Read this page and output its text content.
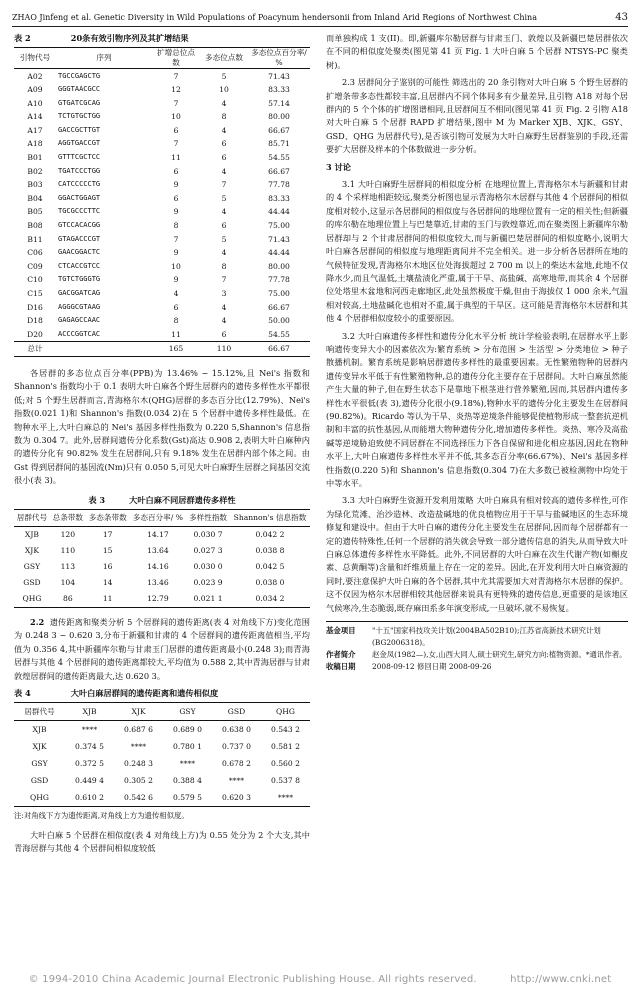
ZHAO Jinfeng et al. Genetic Diversity in Wild Populations of Poacynum hendersonii from Inland Arid Regions of Northwest China	43
表 2	20条有效引物序列及其扩增结果
引物代号	序列	扩增总位点数	多态位点数	多态位点百分率/ %
A02	TGCCGAGCTG	7	5	71.43
A09	GGGTAACGCC	12	10	83.33
A10	GTGATCGCAG	7	4	57.14
A14	TCTGTGCTGG	10	8	80.00
A17	GACCGCTTGT	6	4	66.67
A18	AGGTGACCGT	7	6	85.71
B01	GTTTCGCTCC	11	6	54.55
B02	TGATCCCTGG	6	4	66.67
B03	CATCCCCCTG	9	7	77.78
B04	GGACTGGAGT	6	5	83.33
B05	TGCGCCCTTC	9	4	44.44
B08	GTCCACACGG	8	6	75.00
B11	GTAGACCCGT	7	5	71.43
C06	GAACGGACTC	9	4	44.44
C09	CTCACCGTCC	10	8	80.00
C10	TGTCTGGGTG	9	7	77.78
C15	GACGGATCAG	4	3	75.00
D16	AGGGCGTAAG	6	4	66.67
D18	GAGAGCCAAC	8	4	50.00
D20	ACCCGGTCAC	11	6	54.55
总计		165	110	66.67

各居群的多态位点百分率(PPB)为 13.46% ~ 15.12%,且 Nei's 指数和 Shannon's 指数均小于 0.1 表明大叶白麻各个野生居群内的遗传多样性水平都很低;对 5 个野生居群而言,青海格尔木(QHG)居群的多态百分比(12.79%)、Nei's 指数(0.021 1)和 Shannon's 指数(0.034 2)在 5 个居群中遗传多样性最低。在物种水平上,大叶白麻总的 Nei's 基因多样性指数为 0.220 5,Shannon's 信息指数为 0.304 7。此外,居群间遗传分化系数(Gst)高达 0.908 2,表明大叶白麻种内的遗传分化有 90.82% 发生在居群间,只有 9.18% 发生在居群内部个体之间。由 Gst 得到居群间的基因流(Nm)只有 0.050 5,可见大叶白麻野生居群之间基因交流很小(表 3)。

表 3	大叶白麻不同居群遗传多样性
居群代号	总条带数	多态条带数	多态百分率/ %	多样性指数	Shannon's 信息指数
XJB	120	17	14.17	0.030 7	0.042 2
XJK	110	15	13.64	0.027 3	0.038 8
GSY	113	16	14.16	0.030 0	0.042 5
GSD	104	14	13.46	0.023 9	0.038 0
QHG	86	11	12.79	0.021 1	0.034 2

2.2 遗传距离和聚类分析 5 个居群间的遗传距离(表 4 对角线下方)变化范围为 0.248 3 ~ 0.620 3,分布于新疆和甘肃的 4 个居群间的遗传距离值相当,平均值为 0.356 4,其中新疆库尔勒与甘肃玉门居群的遗传距离最小(0.248 3);而青海居群与其他 4 个居群间的遗传距离都较大,平均值为 0.588 2,其中青海居群与甘肃敦煌居群间的遗传距离最大,达 0.620 3。

表 4	大叶白麻居群间的遗传距离和遗传相似度
居群代号	XJB	XJK	GSY	GSD	QHG
XJB	****	0.687 6	0.689 0	0.638 0	0.543 2
XJK	0.374 5	****	0.780 1	0.737 0	0.581 2
GSY	0.372 5	0.248 3	****	0.678 2	0.560 2
GSD	0.449 4	0.305 2	0.388 4	****	0.537 8
QHG	0.610 2	0.542 6	0.579 5	0.620 3	****
注:对角线下方为遗传距离,对角线上方为遗传相似度。

大叶白麻 5 个居群在相似度(表 4 对角线上方)为 0.55 处分为 2 个大支,其中青海居群与其他 4 个居群间相似度较低

而单独构成 1 支(II)。即,新疆库尔勒居群与甘肃玉门、敦煌以及新疆巴楚居群依次在不同的相似度处聚类(图见第 41 页 Fig. 1 大叶白麻 5 个居群 NTSYS-PC 聚类树)。

2.3 居群间分子鉴别的可能性 筛选出的 20 条引物对大叶白麻 5 个野生居群的扩增条带多态性都较丰富,且居群内不同个体间多有少量差异,且引物 A18 对每个居群内的 5 个个体的扩增图谱相同,且居群间互不相同(图见第 41 页 Fig. 2 引物 A18 对大叶白麻 5 个居群 RAPD 扩增结果,图中 M 为 Marker XJB、XJK、GSY、GSD、QHG 为居群代号),是否该引物可发展为大叶白麻野生居群鉴别的手段,还需要扩大居群及样本的个体数做进一步分析。

3 讨论

3.1 大叶白麻野生居群间的相似度分析 在地理位置上,青海格尔木与新疆和甘肃的 4 个采样地相距较远,聚类分析图也显示青海格尔木居群与其他 4 个居群间的相似度相对较小,这显示各居群间的相似度与各居群间的地理位置有一定的相关性;但新疆的库尔勒在地理位置上与巴楚靠近,甘肃的玉门与敦煌靠近,而在聚类图上新疆库尔勒居群却与 2 个甘肃居群间的相似度较大,而与新疆巴楚居群间的相似度略小,说明大叶白麻各居群间的相似度与地理距离间并不完全相关。进一步分析各居群所在地的气候特征发现,青海格尔木地区位处海拔超过 2 700 m 以上的柴达木盆地,此地不仅降水少,而且气温低,土壤盐渍化严重,属于干旱、高盐碱、高寒地带,而其余 4 个居群位处塔里木盆地和河西走廊地区,此处虽然极度干燥,但由于海拔仅 1 000 余米,气温相对较高,土地盐碱化也相对不重,属于典型的干旱区。这可能是青海格尔木居群和其他 4 个居群相似度较小的重要原因。

3.2 大叶白麻遗传多样性和遗传分化水平分析 统计学检验表明,在居群水平上影响遗传变异大小的因素依次为:繁育系统 > 分布范围 > 生活型 > 分类地位 > 种子散播机制。繁育系统是影响居群遗传多样性的最重要因素。无性繁殖物种的居群内遗传变异水平低于有性繁殖物种,总的遗传分化主要存在于居群间。大叶白麻虽然能产生大量的种子,但在野生状态下是靠地下根茎进行营养繁殖,因而,其居群内遗传多样性水平很低(表 3),遗传分化很小(9.18%),物种水平的遗传分化主要发生在居群间(90.82%)。Ricardo 等认为干旱、炎热等逆境条件能够促使植物形成一整套抗逆机制和丰富的抗性基因,从而能增大物种遗传分化,增加遗传多样性。炎热、寒冷及高盐碱等逆境胁迫致使不同居群在不同选择压力下各自保留和进化相应基因,因此在物种水平上,大叶白麻遗传多样性水平并不低,其多态百分率(66.67%)、Nei's 基因多样性指数(0.220 5)和 Shannon's 信息指数(0.304 7)在大多数已被检测物中均处于中等水平。

3.3 大叶白麻野生资源开发利用策略 大叶白麻具有相对较高的遗传多样性,可作为绿化荒滩、治沙造林、改造盐碱地的优良植物应用于干旱与盐碱地区的生态环境修复和建设中。但由于大叶白麻的遗传分化主要发生在居群间,因而每个居群都有一定的遗传特殊性,任何一个居群的消失就会导致一部分遗传信息的消失,从而导致大叶白麻总体遗传多样性水平降低。此外,不同居群的大叶白麻在次生代谢产物(如槲皮素、总黄酮等)含量和纤维质量上存在一定的差异。因此,在开发利用大叶白麻资源的同时,要注意保护大叶白麻的各个居群,其中尤其需要加大对青海格尔木居群的保护。这不仅因为格尔木居群相较其他居群来说具有更特殊的遗传信息,更重要的是该地区气候寒冷,生态脆弱,既存麻田系多年演变形成,一旦破坏,就不易恢复。

基金项目	"十五"国家科技攻关计划(2004BA502B10);江苏省高新技术研究计划(BG2006318)。
作者简介	赵金凤(1982—),女,山西大同人,硕士研究生,研究方向:植物资源。*通讯作者。
收稿日期	2008-09-12 修回日期 2008-09-26
© 1994-2010 China Academic Journal Electronic Publishing House. All rights reserved.	http://www.cnki.net
